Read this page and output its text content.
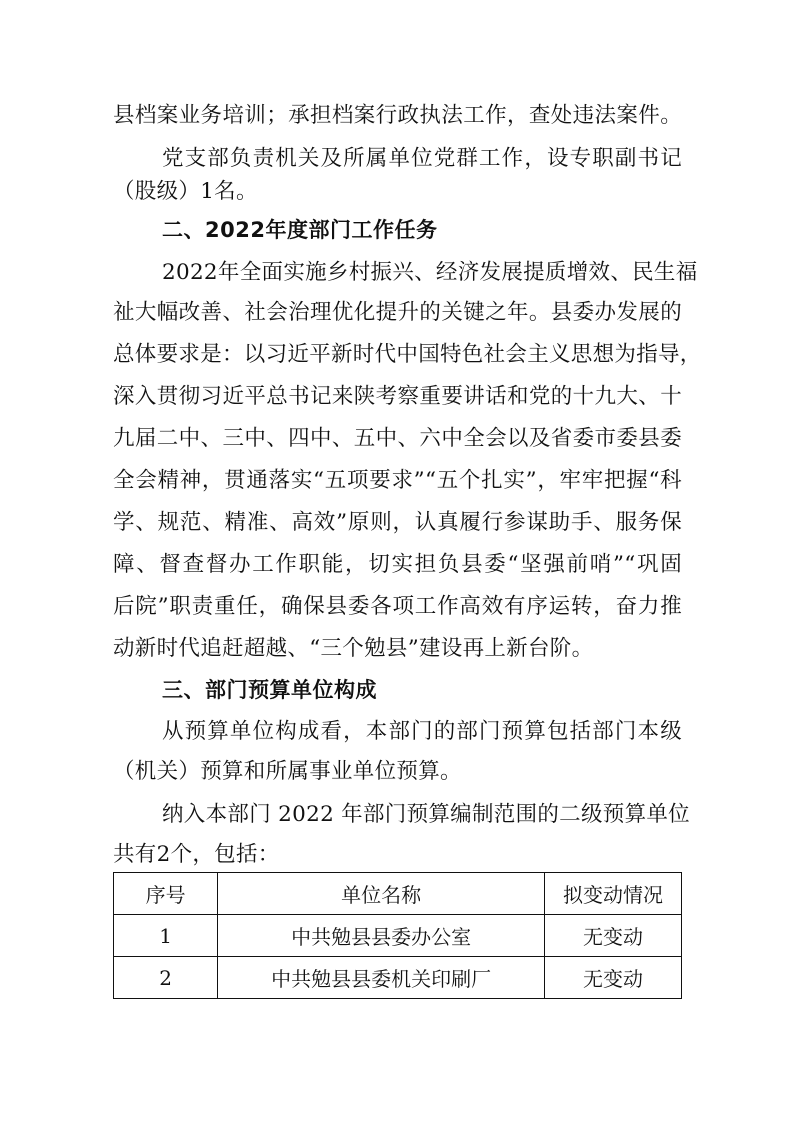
县档案业务培训；承担档案行政执法工作，查处违法案件。
党支部负责机关及所属单位党群工作，设专职副书记
（股级）1名。
二、2022年度部门工作任务
2022年全面实施乡村振兴、经济发展提质增效、民生福
祉大幅改善、社会治理优化提升的关键之年。县委办发展的
总体要求是：以习近平新时代中国特色社会主义思想为指导，
深入贯彻习近平总书记来陕考察重要讲话和党的十九大、十
九届二中、三中、四中、五中、六中全会以及省委市委县委
全会精神，贯通落实“五项要求”“五个扎实”，牢牢把握“科
学、规范、精准、高效”原则，认真履行参谋助手、服务保
障、督查督办工作职能，切实担负县委“坚强前哨”“巩固
后院”职责重任，确保县委各项工作高效有序运转，奋力推
动新时代追赶超越、“三个勉县”建设再上新台阶。
三、部门预算单位构成
从预算单位构成看，本部门的部门预算包括部门本级
（机关）预算和所属事业单位预算。
纳入本部门 2022 年部门预算编制范围的二级预算单位
共有2个，包括：
序号	单位名称	拟变动情况
1	中共勉县县委办公室	无变动
2	中共勉县县委机关印刷厂	无变动
